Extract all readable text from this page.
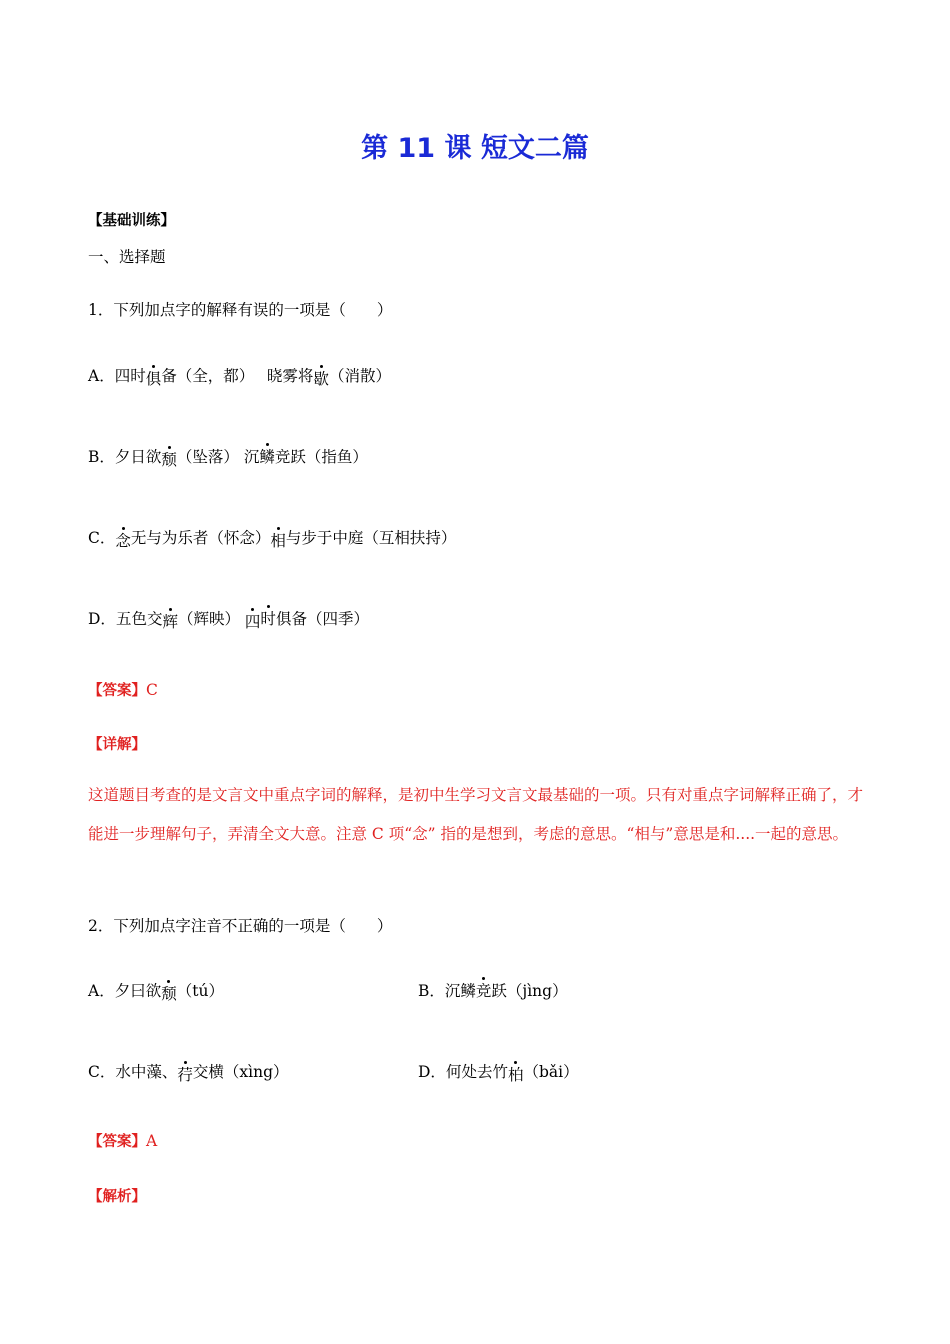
第 11 课 短文二篇
【基础训练】
一、选择题
1．下列加点字的解释有误的一项是（　　）
A．四时俱备（全，都）　 晓雾将歇（消散）
B．夕日欲颓（坠落） 沉鳞竞跃（指鱼）
C．念无与为乐者（怀念）相与步于中庭（互相扶持）
D．五色交辉（辉映） 四时俱备（四季）
【答案】C
【详解】
这道题目考查的是文言文中重点字词的解释，是初中生学习文言文最基础的一项。只有对重点字词解释正确了，才能进一步理解句子，弄清全文大意。注意 C 项“念” 指的是想到，考虑的意思。“相与”意思是和....一起的意思。
2．下列加点字注音不正确的一项是（　　）
A．夕曰欲颓（tú）	B．沉鳞竞跃（jìng）
C．水中藻、荇交横（xìng）	D．何处去竹柏（bǎi）
【答案】A
【解析】
